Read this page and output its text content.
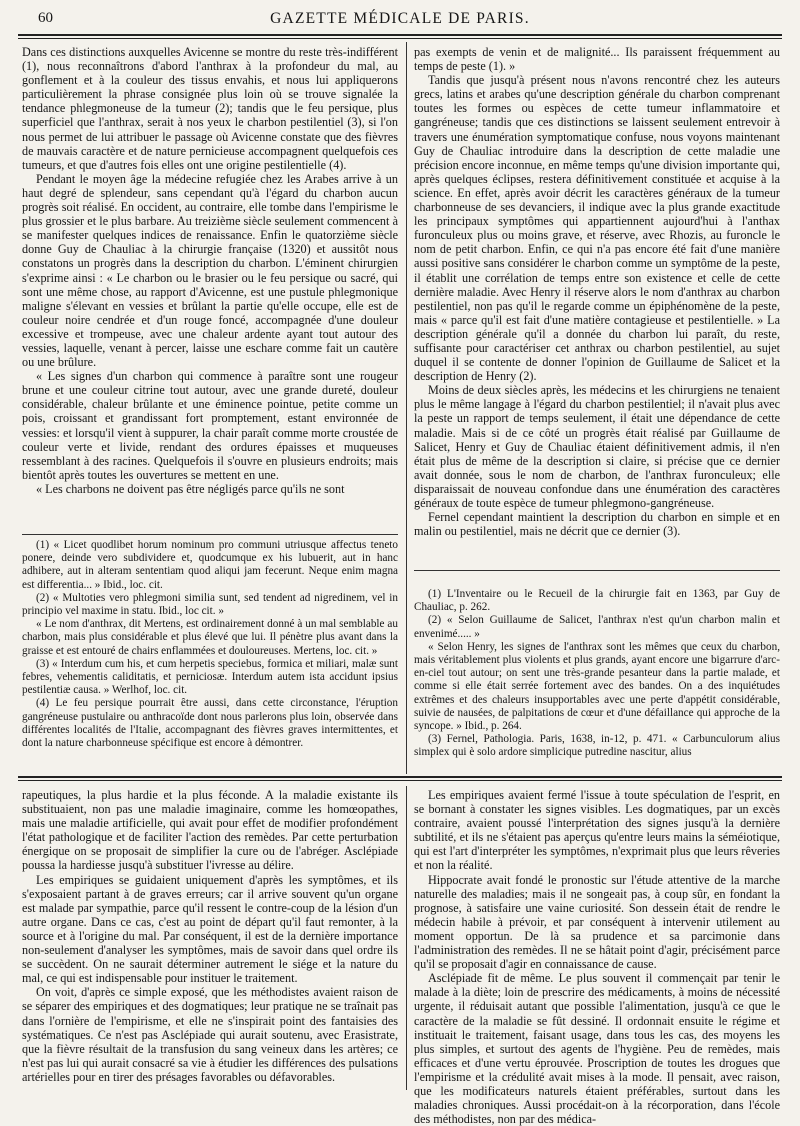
60	GAZETTE MÉDICALE DE PARIS.

Dans ces distinctions auxquelles Avicenne se montre du reste très-indifférent (1), nous reconnaîtrons d'abord l'anthrax à la profondeur du mal, au gonflement et à la couleur des tissus envahis, et nous lui appliquerons particulièrement la phrase consignée plus loin où se trouve signalée la tendance phlegmoneuse de la tumeur (2); tandis que le feu persique, plus superficiel que l'anthrax, serait à nos yeux le charbon pestilentiel (3), si l'on nous permet de lui attribuer le passage où Avicenne constate que des fièvres de mauvais caractère et de nature pernicieuse accompagnent quelquefois ces tumeurs, et que d'autres fois elles ont une origine pestilentielle (4).

Pendant le moyen âge la médecine refugiée chez les Arabes arrive à un haut degré de splendeur, sans cependant qu'à l'égard du charbon aucun progrès soit réalisé. En occident, au contraire, elle tombe dans l'empirisme le plus grossier et le plus barbare. Au treizième siècle seulement commencent à se manifester quelques indices de renaissance. Enfin le quatorzième siècle donne Guy de Chauliac à la chirurgie française (1320) et aussitôt nous constatons un progrès dans la description du charbon. L'éminent chirurgien s'exprime ainsi : « Le charbon ou le brasier ou le feu persique ou sacré, qui sont une même chose, au rapport d'Avicenne, est une pustule phlegmonique maligne s'élevant en vessies et brûlant la partie qu'elle occupe, elle est de couleur noire cendrée et d'un rouge foncé, accompagnée d'une douleur excessive et trompeuse, avec une chaleur ardente ayant tout autour des vessies, laquelle, venant à percer, laisse une eschare comme fait un cautère ou une brûlure.

« Les signes d'un charbon qui commence à paraître sont une rougeur brune et une couleur citrine tout autour, avec une grande dureté, douleur considérable, chaleur brûlante et une éminence pointue, petite comme un pois, croissant et grandissant fort promptement, estant environnée de vessies: et lorsqu'il vient à suppurer, la chair paraît comme morte croustée de couleur verte et livide, rendant des ordures épaisses et muqueuses ressemblant à des racines. Quelquefois il s'ouvre en plusieurs endroits; mais bientôt après toutes les ouvertures se mettent en une.

« Les charbons ne doivent pas être négligés parce qu'ils ne sont

pas exempts de venin et de malignité... Ils paraissent fréquemment au temps de peste (1). »

Tandis que jusqu'à présent nous n'avons rencontré chez les auteurs grecs, latins et arabes qu'une description générale du charbon comprenant toutes les formes ou espèces de cette tumeur inflammatoire et gangréneuse; tandis que ces distinctions se laissent seulement entrevoir à travers une énumération symptomatique confuse, nous voyons maintenant Guy de Chauliac introduire dans la description de cette maladie une précision encore inconnue, en même temps qu'une division importante qui, après quelques éclipses, restera définitivement constituée et acquise à la science. En effet, après avoir décrit les caractères généraux de la tumeur charbonneuse de ses devanciers, il indique avec la plus grande exactitude les principaux symptômes qui appartiennent aujourd'hui à l'anthax furonculeux plus ou moins grave, et réserve, avec Rhozis, au furoncle le nom de petit charbon. Enfin, ce qui n'a pas encore été fait d'une manière aussi positive sans considérer le charbon comme un symptôme de la peste, il établit une corrélation de temps entre son existence et celle de cette dernière maladie. Avec Henry il réserve alors le nom d'anthrax au charbon pestilentiel, non pas qu'il le regarde comme un épiphénomène de la peste, mais « parce qu'il est fait d'une matière contagieuse et pestilentielle. » La description générale qu'il a donnée du charbon lui paraît, du reste, suffisante pour caractériser cet anthrax ou charbon pestilentiel, au sujet duquel il se contente de donner l'opinion de Guillaume de Salicet et la description de Henry (2).

Moins de deux siècles après, les médecins et les chirurgiens ne tenaient plus le même langage à l'égard du charbon pestilentiel; il n'avait plus avec la peste un rapport de temps seulement, il était une dépendance de cette maladie. Mais si de ce côté un progrès était réalisé par Guillaume de Salicet, Henry et Guy de Chauliac étaient définitivement admis, il n'en était plus de même de la description si claire, si précise que ce dernier avait donnée, sous le nom de charbon, de l'anthrax furonculeux; elle disparaissait de nouveau confondue dans une énumération des caractères généraux de toute espèce de tumeur phlegmono-gangréneuse.

Fernel cependant maintient la description du charbon en simple et en malin ou pestilentiel, mais ne décrit que ce dernier (3).

(1) « Licet quodlibet horum nominum pro communi utriusque affectus teneto ponere, deinde vero subdividere et, quodcumque ex his lubuerit, aut in hanc adhibere, aut in alteram sententiam quod aliqui jam fecerunt. Neque enim magna est differentia... » Ibid., loc. cit.

(2) « Multoties vero phlegmoni similia sunt, sed tendent ad nigredinem, vel in principio vel maxime in statu. Ibid., loc cit. »

« Le nom d'anthrax, dit Mertens, est ordinairement donné à un mal semblable au charbon, mais plus considérable et plus élevé que lui. Il pénètre plus avant dans la graisse et est entouré de chairs enflammées et douloureuses. Mertens, loc. cit. »

(3) « Interdum cum his, et cum herpetis speciebus, formica et miliari, malæ sunt febres, vehementis caliditatis, et perniciosæ. Interdum autem ista accidunt ipsius pestilentiæ causa. » Werlhof, loc. cit.

(4) Le feu persique pourrait être aussi, dans cette circonstance, l'éruption gangréneuse pustulaire ou anthracoïde dont nous parlerons plus loin, observée dans différentes localités de l'Italie, accompagnant des fièvres graves intermittentes, et dont la nature charbonneuse spécifique est encore à démontrer.

(1) L'Inventaire ou le Recueil de la chirurgie fait en 1363, par Guy de Chauliac, p. 262.

(2) « Selon Guillaume de Salicet, l'anthrax n'est qu'un charbon malin et envenimé..... »

« Selon Henry, les signes de l'anthrax sont les mêmes que ceux du charbon, mais véritablement plus violents et plus grands, ayant encore une bigarrure d'arc-en-ciel tout autour; on sent une très-grande pesanteur dans la partie malade, et comme si elle était serrée fortement avec des bandes. On a des inquiétudes extrêmes et des chaleurs insupportables avec une perte d'appétit considérable, suivie de nausées, de palpitations de cœur et d'une défaillance qui approche de la syncope. » Ibid., p. 264.

(3) Fernel, Pathologia. Paris, 1638, in-12, p. 471. « Carbunculorum alius simplex qui è solo ardore simplicique putredine nascitur, alius

rapeutiques, la plus hardie et la plus féconde. A la maladie existante ils substituaient, non pas une maladie imaginaire, comme les homœopathes, mais une maladie artificielle, qui avait pour effet de modifier profondément l'état pathologique et de faciliter l'action des remèdes. Par cette perturbation énergique on se proposait de simplifier la cure ou de l'abréger. Asclépiade poussa la hardiesse jusqu'à substituer l'ivresse au délire.

Les empiriques se guidaient uniquement d'après les symptômes, et ils s'exposaient partant à de graves erreurs; car il arrive souvent qu'un organe est malade par sympathie, parce qu'il ressent le contre-coup de la lésion d'un autre organe. Dans ce cas, c'est au point de départ qu'il faut remonter, à la source et à l'origine du mal. Par conséquent, il est de la dernière importance non-seulement d'analyser les symptômes, mais de savoir dans quel ordre ils se succèdent. On ne saurait déterminer autrement le siége et la nature du mal, ce qui est indispensable pour instituer le traitement.

On voit, d'après ce simple exposé, que les méthodistes avaient raison de se séparer des empiriques et des dogmatiques; leur pratique ne se traînait pas dans l'ornière de l'empirisme, et elle ne s'inspirait point des fantaisies des systématiques. Ce n'est pas Asclépiade qui aurait soutenu, avec Erasistrate, que la fièvre résultait de la transfusion du sang veineux dans les artères; ce n'est pas lui qui aurait consacré sa vie à étudier les différences des pulsations artérielles pour en tirer des présages favorables ou défavorables.

Les empiriques avaient fermé l'issue à toute spéculation de l'esprit, en se bornant à constater les signes visibles. Les dogmatiques, par un excès contraire, avaient poussé l'interprétation des signes jusqu'à la dernière subtilité, et ils ne s'étaient pas aperçus qu'entre leurs mains la séméiotique, qui est l'art d'interpréter les symptômes, n'exprimait plus que leurs rêveries et non la réalité.

Hippocrate avait fondé le pronostic sur l'étude attentive de la marche naturelle des maladies; mais il ne songeait pas, à coup sûr, en fondant la prognose, à satisfaire une vaine curiosité. Son dessein était de rendre le médecin habile à prévoir, et par conséquent à intervenir utilement au moment opportun. De là sa prudence et sa parcimonie dans l'administration des remèdes. Il ne se hâtait point d'agir, précisément parce qu'il se proposait d'agir en connaissance de cause.

Asclépiade fit de même. Le plus souvent il commençait par tenir le malade à la diète; loin de prescrire des médicaments, à moins de nécessité urgente, il réduisait autant que possible l'alimentation, jusqu'à ce que le caractère de la maladie se fût dessiné. Il ordonnait ensuite le régime et instituait le traitement, faisant usage, dans tous les cas, des moyens les plus simples, et surtout des agents de l'hygiène. Peu de remèdes, mais efficaces et d'une vertu éprouvée. Proscription de toutes les drogues que l'empirisme et la crédulité avait mises à la mode. Il pensait, avec raison, que les modificateurs naturels étaient préférables, surtout dans les maladies chroniques. Aussi procédait-on à la récorporation, dans l'école des méthodistes, non par des médica-
